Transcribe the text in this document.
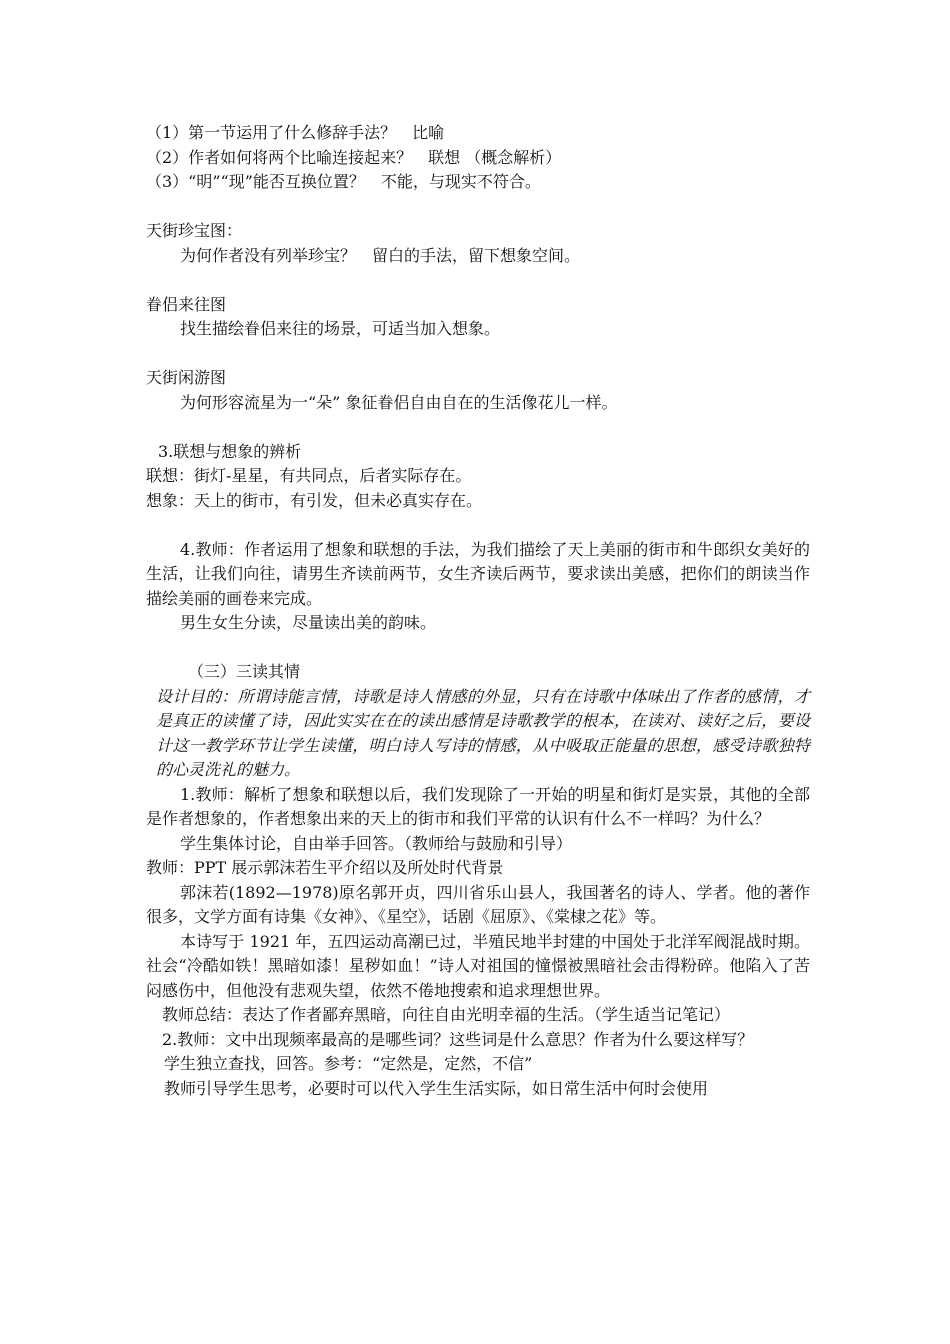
（1）第一节运用了什么修辞手法？　比喻

（2）作者如何将两个比喻连接起来？　联想 （概念解析）

（3）“明”“现”能否互换位置？　不能，与现实不符合。

天街珍宝图：

为何作者没有列举珍宝？　留白的手法，留下想象空间。

眷侣来往图

找生描绘眷侣来往的场景，可适当加入想象。

天街闲游图

为何形容流星为一“朵” 象征眷侣自由自在的生活像花儿一样。

3.联想与想象的辨析

联想：街灯-星星，有共同点，后者实际存在。

想象：天上的街市，有引发，但未必真实存在。

4.教师：作者运用了想象和联想的手法，为我们描绘了天上美丽的街市和牛郎织女美好的生活，让我们向往，请男生齐读前两节，女生齐读后两节，要求读出美感，把你们的朗读当作描绘美丽的画卷来完成。

男生女生分读，尽量读出美的韵味。

（三）三读其情

设计目的：所谓诗能言情，诗歌是诗人情感的外显，只有在诗歌中体味出了作者的感情，才是真正的读懂了诗，因此实实在在的读出感情是诗歌教学的根本，在读对、读好之后，要设计这一教学环节让学生读懂，明白诗人写诗的情感，从中吸取正能量的思想，感受诗歌独特的心灵洗礼的魅力。

1.教师：解析了想象和联想以后，我们发现除了一开始的明星和街灯是实景，其他的全部是作者想象的，作者想象出来的天上的街市和我们平常的认识有什么不一样吗？为什么？

学生集体讨论，自由举手回答。（教师给与鼓励和引导）

教师：PPT 展示郭沫若生平介绍以及所处时代背景

郭沫若(1892—1978)原名郭开贞，四川省乐山县人，我国著名的诗人、学者。他的著作很多，文学方面有诗集《女神》、《星空》，话剧《屈原》、《棠棣之花》等。

本诗写于 1921 年，五四运动高潮已过，半殖民地半封建的中国处于北洋军阀混战时期。社会“冷酷如铁！黑暗如漆！星秽如血！”诗人对祖国的憧憬被黑暗社会击得粉碎。他陷入了苦闷感伤中，但他没有悲观失望，依然不倦地搜索和追求理想世界。

教师总结：表达了作者鄙弃黑暗，向往自由光明幸福的生活。（学生适当记笔记）

2.教师：文中出现频率最高的是哪些词？这些词是什么意思？作者为什么要这样写？

学生独立查找，回答。参考：“定然是，定然，不信”

教师引导学生思考，必要时可以代入学生生活实际，如日常生活中何时会使用
